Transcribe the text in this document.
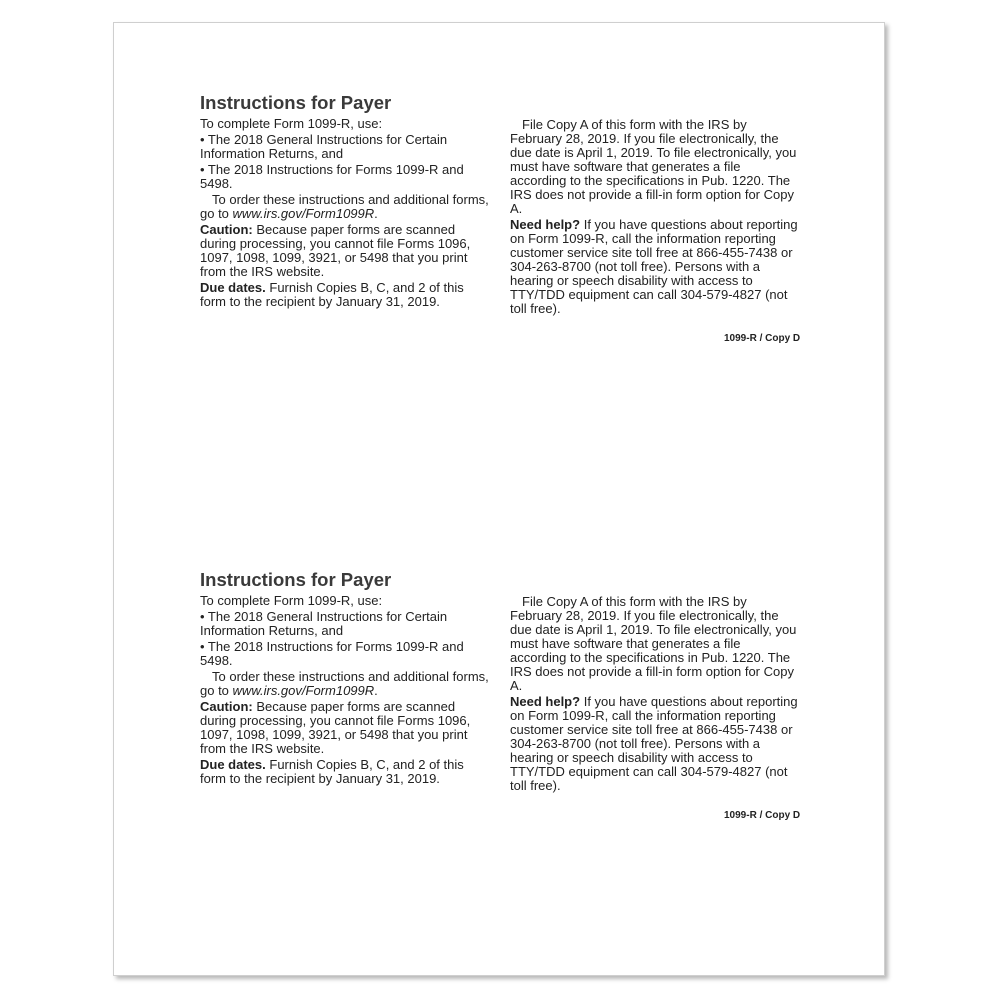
Instructions for Payer

To complete Form 1099-R, use:

• The 2018 General Instructions for Certain Information Returns, and

• The 2018 Instructions for Forms 1099-R and 5498.

To order these instructions and additional forms, go to www.irs.gov/Form1099R.

Caution: Because paper forms are scanned during processing, you cannot file Forms 1096, 1097, 1098, 1099, 3921, or 5498 that you print from the IRS website.

Due dates. Furnish Copies B, C, and 2 of this form to the recipient by January 31, 2019.

File Copy A of this form with the IRS by February 28, 2019. If you file electronically, the due date is April 1, 2019. To file electronically, you must have software that generates a file according to the specifications in Pub. 1220. The IRS does not provide a fill-in form option for Copy A.

Need help? If you have questions about reporting on Form 1099-R, call the information reporting customer service site toll free at 866-455-7438 or 304-263-8700 (not toll free). Persons with a hearing or speech disability with access to TTY/TDD equipment can call 304-579-4827 (not toll free).

1099-R / Copy D
Instructions for Payer

To complete Form 1099-R, use:

• The 2018 General Instructions for Certain Information Returns, and

• The 2018 Instructions for Forms 1099-R and 5498.

To order these instructions and additional forms, go to www.irs.gov/Form1099R.

Caution: Because paper forms are scanned during processing, you cannot file Forms 1096, 1097, 1098, 1099, 3921, or 5498 that you print from the IRS website.

Due dates. Furnish Copies B, C, and 2 of this form to the recipient by January 31, 2019.

File Copy A of this form with the IRS by February 28, 2019. If you file electronically, the due date is April 1, 2019. To file electronically, you must have software that generates a file according to the specifications in Pub. 1220. The IRS does not provide a fill-in form option for Copy A.

Need help? If you have questions about reporting on Form 1099-R, call the information reporting customer service site toll free at 866-455-7438 or 304-263-8700 (not toll free). Persons with a hearing or speech disability with access to TTY/TDD equipment can call 304-579-4827 (not toll free).

1099-R / Copy D
